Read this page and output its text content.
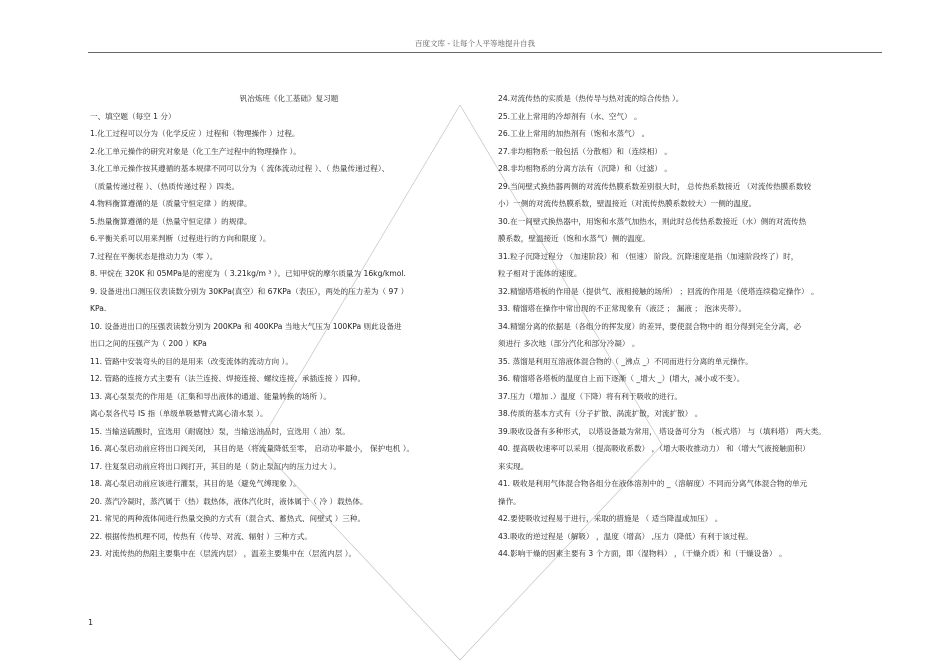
百度文库 - 让每个人平等地提升自我
钒冶炼班《化工基础》复习题
一、填空题（每空 1 分）
1.化工过程可以分为（化学反应 ）过程和（物理操作 ）过程。
2.化工单元操作的研究对象是（化工生产过程中的物理操作 ）。
3.化工单元操作按其遵循的基本规律不同可以分为（ 流体流动过程 ）、（ 热量传递过程）、
（质量传递过程 ）、（热质传递过程 ）四类。
4.物料衡算遵循的是（质量守恒定律 ）的规律。
5.热量衡算遵循的是（热量守恒定律 ）的规律。
6.平衡关系可以用来判断（过程进行的方向和限度 ）。
7.过程在平衡状态是推动力为（零 ）。
8. 甲烷在 320K 和 05MPa是的密度为（ 3.21kg/m ³ ）。已知甲烷的摩尔质量为 16kg/kmol.
9. 设备进出口测压仪表读数分别为 30KPa(真空）和 67KPa（表压），两处的压力差为（ 97 ）
KPa.
10. 设备进出口的压强表读数分别为 200KPa 和 400KPa 当地大气压为 100KPa 则此设备进
出口之间的压强产为（ 200 ）KPa
11. 管路中安装弯头的目的是用来（改变流体的流动方向 ）。
12. 管路的连接方式主要有（法兰连接、焊接连接、螺纹连接、承插连接 ）四种。
13. 离心泵泵壳的作用是（汇集和导出液体的通道、能量转换的场所 ）。
离心泵各代号 IS 指（单级单吸悬臂式离心清水泵 ）。
15. 当输送硫酸时，宜选用（耐腐蚀）泵，当输送油品时，宜选用（ 油）泵。
16. 离心泵启动前应将出口阀关闭， 其目的是（将流量降低至零， 启动功率最小， 保护电机 ）。
17. 往复泵启动前应将出口阀打开，其目的是（ 防止泵缸内的压力过大 ）。
18. 离心泵启动前应该进行灌泵，其目的是（避免气缚现象 ）。
20. 蒸汽冷凝时，蒸汽属于（热）载热体，液体汽化时，液体属于（ 冷 ）载热体。
21. 常见的两种流体间进行热量交换的方式有（混合式、蓄热式、间壁式 ）三种。
22. 根据传热机理不同，传热有（传导、对流、辐射 ）三种方式。
23. 对流传热的热阻主要集中在（层流内层） ，温差主要集中在（层流内层 ）。
24.对流传热的实质是（热传导与热对流的综合传热 ）。
25.工业上常用的冷却剂有（水、空气） 。
26.工业上常用的加热剂有（饱和水蒸气） 。
27.非均相物系一般包括（分散相）和（连续相） 。
28.非均相物系的分离方法有（沉降）和（过滤） 。
29.当间壁式换热器两侧的对流传热膜系数差别很大时， 总传热系数接近 （对流传热膜系数较
小）一侧的对流传热膜系数，壁温接近（对流传热膜系数较大）一侧的温度。
30.在一间壁式换热器中，用饱和水蒸气加热水，则此时总传热系数接近（水）侧的对流传热
膜系数，壁温接近（饱和水蒸气）侧的温度。
31.粒子沉降过程分 （加速阶段）和 （恒速） 阶段。沉降速度是指（加速阶段终了）时，
粒子相对于流体的速度。
32.精馏塔塔板的作用是（提供气、液相接触的场所） ；回流的作用是（使塔连续稳定操作） 。
33. 精馏塔在操作中常出现的不正常现象有（液泛 ； 漏液 ； 泡沫夹带）。
34.精馏分离的依据是（各组分的挥发度）的差异，要使混合物中的 组分得到完全分离，必
须进行 多次地（部分汽化和部分冷凝） 。
35. 蒸馏是利用互溶液体混合物的（ _沸点 _）不同而进行分离的单元操作。
36. 精馏塔各塔板的温度自上而下逐渐（ _增大 _）(增大，减小或不变）。
37.压力（增加 .）温度（下降）将有利于吸收的进行。
38.传质的基本方式有（分子扩散、涡流扩散，对流扩散） 。
39.吸收设备有多种形式， 以塔设备最为常用， 塔设备可分为 （板式塔） 与（填料塔） 两大类。
40. 提高吸收速率可以采用（提高吸收系数） ，（增大吸收推动力） 和（增大气液接触面积）
来实现。
41. 吸收是利用气体混合物各组分在液体溶剂中的 _（溶解度）不同而分离气体混合物的单元
操作。
42.要使吸收过程易于进行，采取的措施是 （ 适当降温或加压） 。
43.吸收的逆过程是（解吸） ，温度（增高） ,压力（降低）有利于该过程。
44.影响干燥的因素主要有 3 个方面，即（湿物料） ，（干燥介质）和（干燥设备） 。
1
